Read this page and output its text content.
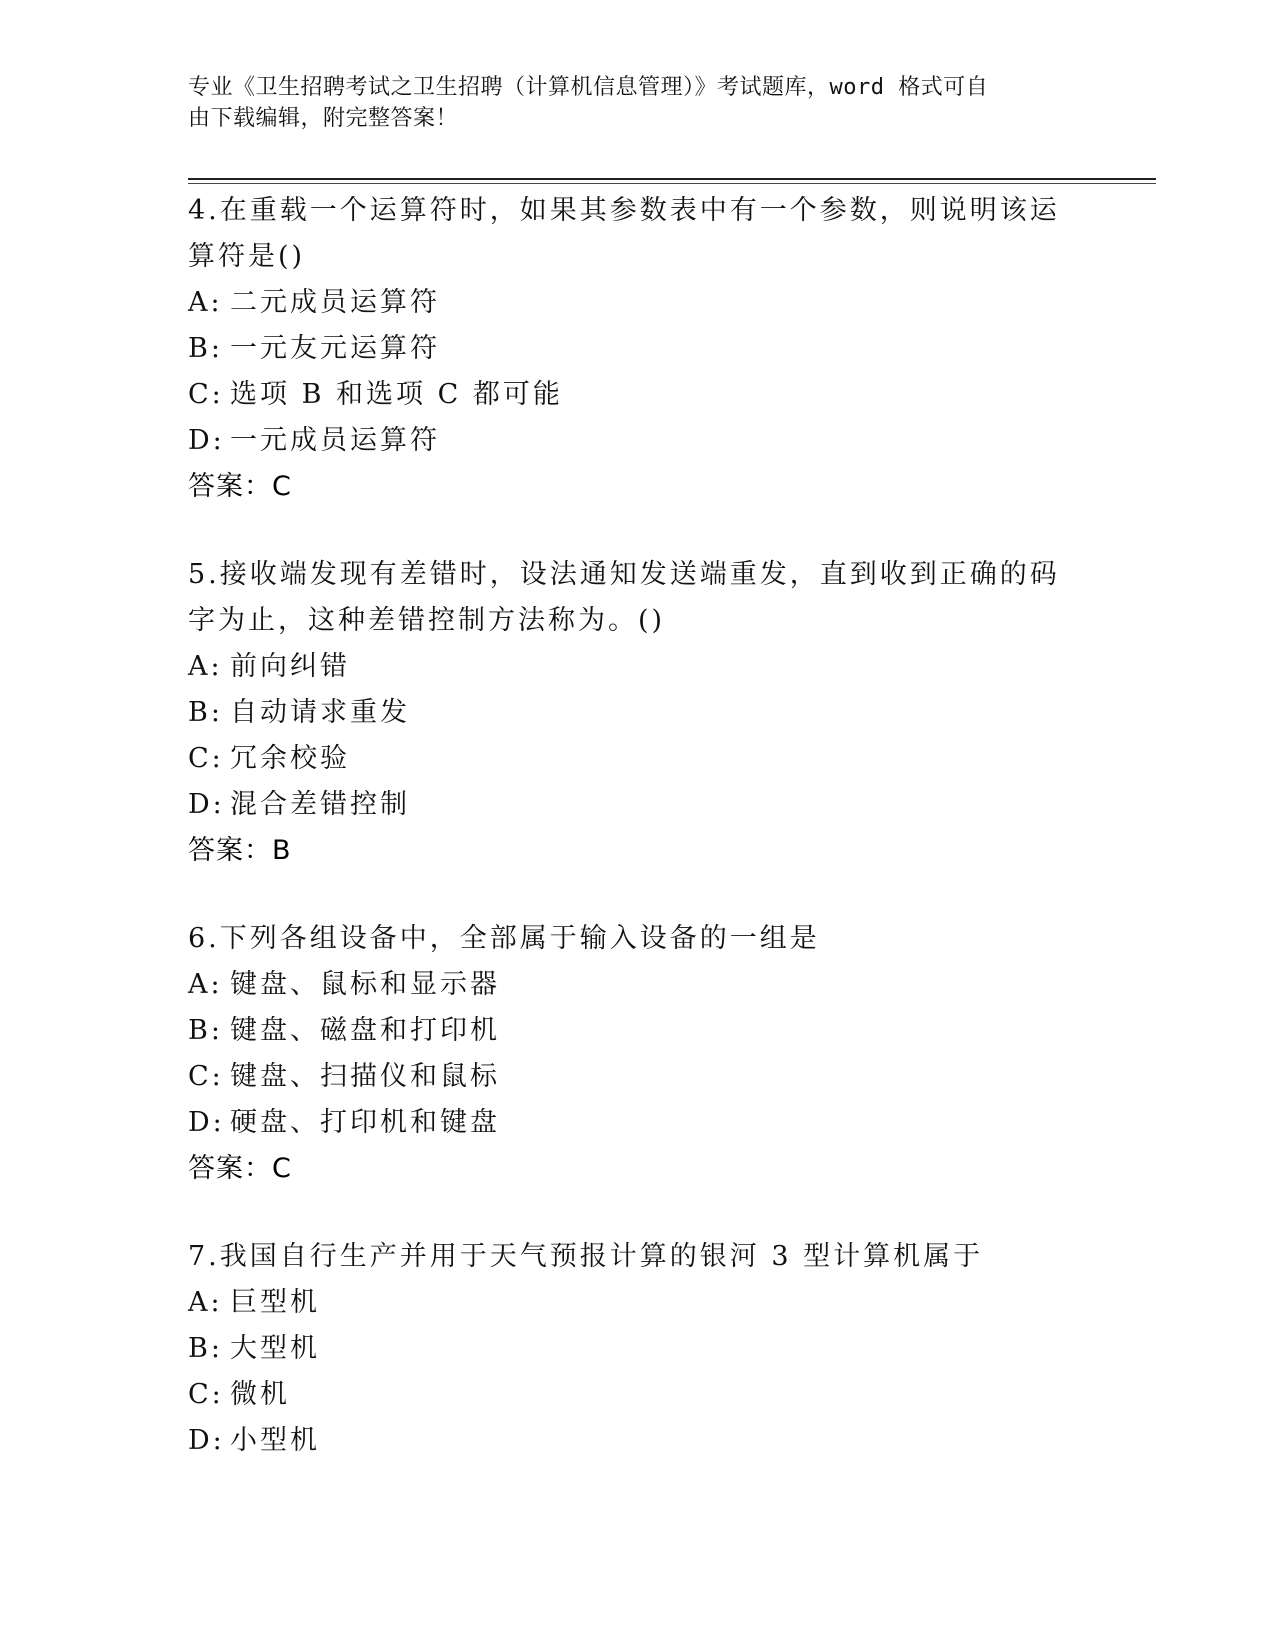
专业《卫生招聘考试之卫生招聘（计算机信息管理）》考试题库，word 格式可自
由下载编辑，附完整答案！

4.在重载一个运算符时，如果其参数表中有一个参数，则说明该运算符是()

A: 二元成员运算符

B: 一元友元运算符

C: 选项 B 和选项 C 都可能

D: 一元成员运算符

答案：C

5.接收端发现有差错时，设法通知发送端重发，直到收到正确的码字为止，这种差错控制方法称为。()

A: 前向纠错

B: 自动请求重发

C: 冗余校验

D: 混合差错控制

答案：B

6.下列各组设备中，全部属于输入设备的一组是

A: 键盘、鼠标和显示器

B: 键盘、磁盘和打印机

C: 键盘、扫描仪和鼠标

D: 硬盘、打印机和键盘

答案：C

7.我国自行生产并用于天气预报计算的银河 3 型计算机属于

A: 巨型机

B: 大型机

C: 微机

D: 小型机
